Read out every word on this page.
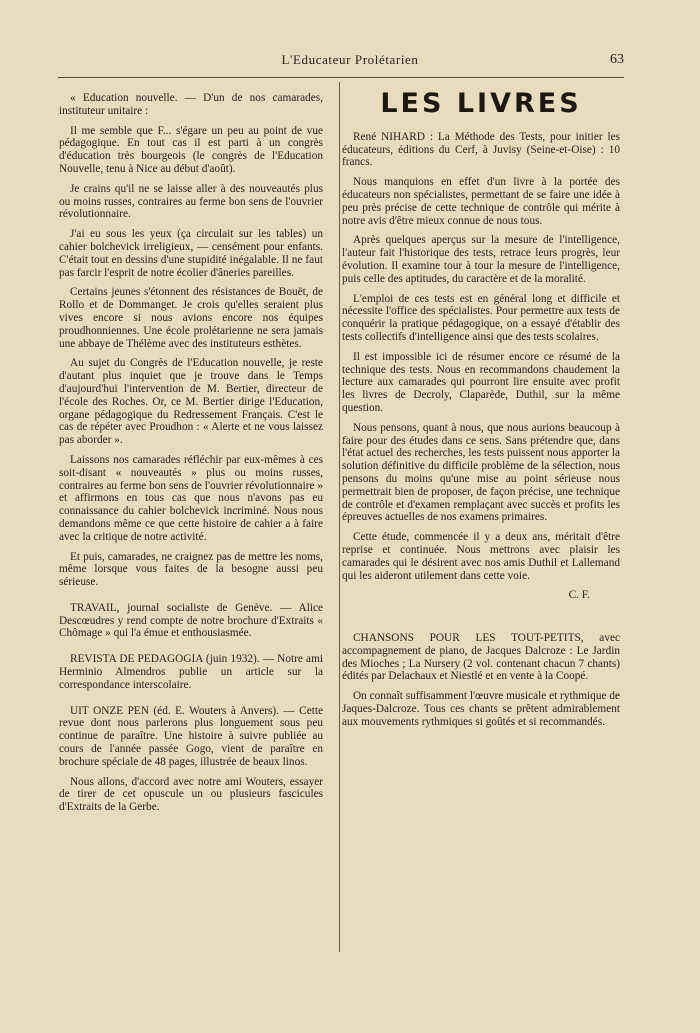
L'Educateur Prolétarien	63

« Education nouvelle. — D'un de nos camarades, instituteur unitaire :

Il me semble que F... s'égare un peu au point de vue pédagogique. En tout cas il est parti à un congrès d'éducation très bourgeois (le congrès de l'Education Nouvelle, tenu à Nice au début d'août).

Je crains qu'il ne se laisse aller à des nouveautés plus ou moins russes, contraires au ferme bon sens de l'ouvrier révolutionnaire.

J'ai eu sous les yeux (ça circulait sur les tables) un cahier bolchevick irreligieux, — censément pour enfants. C'était tout en dessins d'une stupidité inégalable. Il ne faut pas farcir l'esprit de notre écolier d'âneries pareilles.

Certains jeunes s'étonnent des résistances de Bouët, de Rollo et de Dommanget. Je crois qu'elles seraient plus vives encore si nous avions encore nos équipes proudhonniennes. Une école prolétarienne ne sera jamais une abbaye de Thélème avec des instituteurs esthètes.

Au sujet du Congrès de l'Education nouvelle, je reste d'autant plus inquiet que je trouve dans le Temps d'aujourd'hui l'intervention de M. Bertier, directeur de l'école des Roches. Or, ce M. Bertier dirige l'Education, organe pédagogique du Redressement Français. C'est le cas de répéter avec Proudhon : « Alerte et ne vous laissez pas aborder ».

Laissons nos camarades réfléchir par eux-mêmes à ces soit-disant « nouveautés » plus ou moins russes, contraires au ferme bon sens de l'ouvrier révolutionnaire » et affirmons en tous cas que nous n'avons pas eu connaissance du cahier bolchevick incriminé. Nous nous demandons même ce que cette histoire de cahier a à faire avec la critique de notre activité.

Et puis, camarades, ne craignez pas de mettre les noms, même lorsque vous faites de la besogne aussi peu sérieuse.

TRAVAIL, journal socialiste de Genève. — Alice Descœudres y rend compte de notre brochure d'Extraits « Chômage » qui l'a émue et enthousiasmée.

REVISTA DE PEDAGOGIA (juin 1932). — Notre ami Herminio Almendros publie un article sur la correspondance interscolaire.

UIT ONZE PEN (éd. E. Wouters à Anvers). — Cette revue dont nous parlerons plus longuement sous peu continue de paraître. Une histoire à suivre publiée au cours de l'année passée Gogo, vient de paraître en brochure spéciale de 48 pages, illustrée de beaux linos.

Nous allons, d'accord avec notre ami Wouters, essayer de tirer de cet opuscule un ou plusieurs fascicules d'Extraits de la Gerbe.

LES LIVRES

René NIHARD : La Méthode des Tests, pour initier les éducateurs, éditions du Cerf, à Juvisy (Seine-et-Oise) : 10 francs.

Nous manquions en effet d'un livre à la portée des éducateurs non spécialistes, permettant de se faire une idée à peu près précise de cette technique de contrôle qui mérite à notre avis d'être mieux connue de nous tous.

Après quelques aperçus sur la mesure de l'intelligence, l'auteur fait l'historique des tests, retrace leurs progrès, leur évolution. Il examine tour à tour la mesure de l'intelligence, puis celle des aptitudes, du caractère et de la moralité.

L'emploi de ces tests est en général long et difficile et nécessite l'office des spécialistes. Pour permettre aux tests de conquérir la pratique pédagogique, on a essayé d'établir des tests collectifs d'intelligence ainsi que des tests scolaires.

Il est impossible ici de résumer encore ce résumé de la technique des tests. Nous en recommandons chaudement la lecture aux camarades qui pourront lire ensuite avec profit les livres de Decroly, Claparède, Duthil, sur la même question.

Nous pensons, quant à nous, que nous aurions beaucoup à faire pour des études dans ce sens. Sans prétendre que, dans l'état actuel des recherches, les tests puissent nous apporter la solution définitive du difficile problème de la sélection, nous pensons du moins qu'une mise au point sérieuse nous permettrait bien de proposer, de façon précise, une technique de contrôle et d'examen remplaçant avec succès et profits les épreuves actuelles de nos examens primaires.

Cette étude, commencée il y a deux ans, méritait d'être reprise et continuée. Nous mettrons avec plaisir les camarades qui le désirent avec nos amis Duthil et Lallemand qui les aideront utilement dans cette voie.

C. F.

CHANSONS POUR LES TOUT-PETITS, avec accompagnement de piano, de Jacques Dalcroze : Le Jardin des Mioches ; La Nursery (2 vol. contenant chacun 7 chants) édités par Delachaux et Niestlé et en vente à la Coopé.

On connaît suffisamment l'œuvre musicale et rythmique de Jaques-Dalcroze. Tous ces chants se prêtent admirablement aux mouvements rythmiques si goûtés et si recommandés.
